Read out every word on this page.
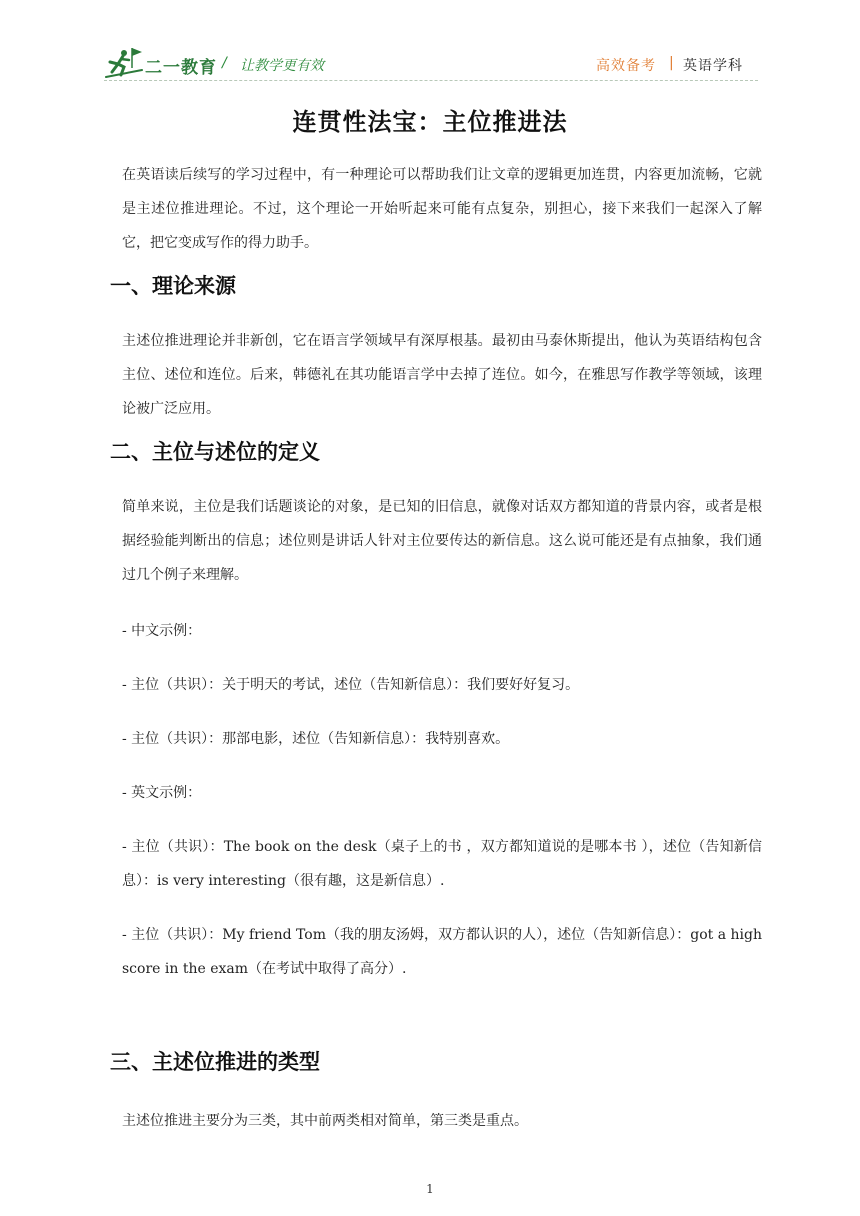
二一教育 / 让教学更有效	高效备考 | 英语学科
连贯性法宝：主位推进法

在英语读后续写的学习过程中，有一种理论可以帮助我们让文章的逻辑更加连贯，内容更加流畅，它就是主述位推进理论。不过，这个理论一开始听起来可能有点复杂，别担心，接下来我们一起深入了解它，把它变成写作的得力助手。

一、理论来源

主述位推进理论并非新创，它在语言学领域早有深厚根基。最初由马泰休斯提出，他认为英语结构包含主位、述位和连位。后来，韩德礼在其功能语言学中去掉了连位。如今，在雅思写作教学等领域，该理论被广泛应用。

二、主位与述位的定义

简单来说，主位是我们话题谈论的对象，是已知的旧信息，就像对话双方都知道的背景内容，或者是根据经验能判断出的信息；述位则是讲话人针对主位要传达的新信息。这么说可能还是有点抽象，我们通过几个例子来理解。

- 中文示例：

- 主位（共识）：关于明天的考试，述位（告知新信息）：我们要好好复习。

- 主位（共识）：那部电影，述位（告知新信息）：我特别喜欢。

- 英文示例：

- 主位（共识）：The book on the desk（桌子上的书 ，双方都知道说的是哪本书 ），述位（告知新信息）：is very interesting（很有趣，这是新信息）.

- 主位（共识）：My friend Tom（我的朋友汤姆，双方都认识的人），述位（告知新信息）：got a high score in the exam（在考试中取得了高分）.

三、主述位推进的类型

主述位推进主要分为三类，其中前两类相对简单，第三类是重点。

1
